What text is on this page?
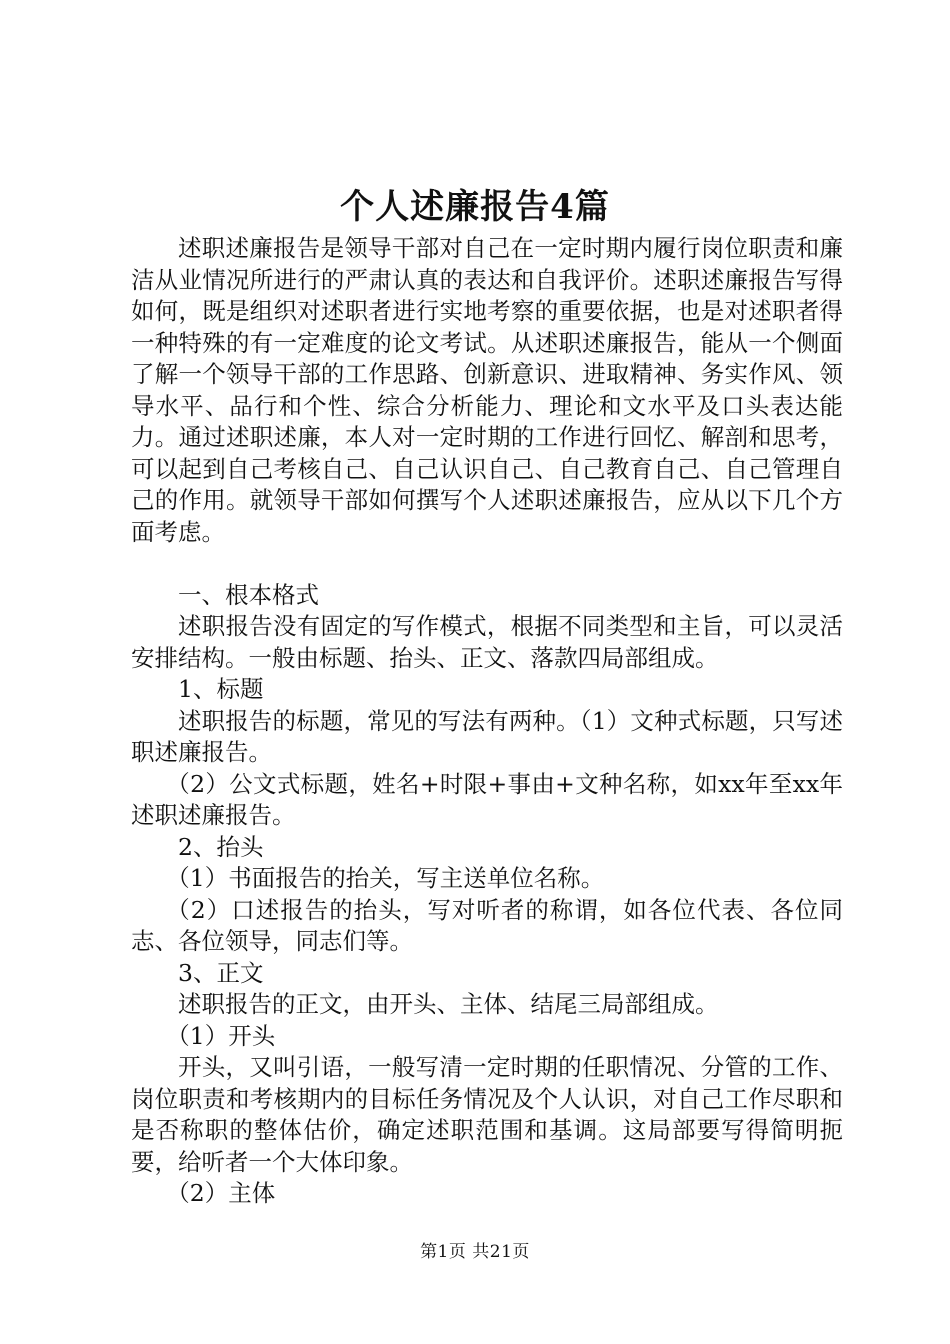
个人述廉报告4篇

述职述廉报告是领导干部对自己在一定时期内履行岗位职责和廉洁从业情况所进行的严肃认真的表达和自我评价。述职述廉报告写得如何，既是组织对述职者进行实地考察的重要依据，也是对述职者得一种特殊的有一定难度的论文考试。从述职述廉报告，能从一个侧面了解一个领导干部的工作思路、创新意识、进取精神、务实作风、领导水平、品行和个性、综合分析能力、理论和文水平及口头表达能力。通过述职述廉，本人对一定时期的工作进行回忆、解剖和思考，可以起到自己考核自己、自己认识自己、自己教育自己、自己管理自己的作用。就领导干部如何撰写个人述职述廉报告，应从以下几个方面考虑。

一、根本格式

述职报告没有固定的写作模式，根据不同类型和主旨，可以灵活安排结构。一般由标题、抬头、正文、落款四局部组成。

1、标题

述职报告的标题，常见的写法有两种。（1）文种式标题，只写述职述廉报告。

（2）公文式标题，姓名+时限+事由+文种名称，如xx年至xx年述职述廉报告。

2、抬头

（1）书面报告的抬关，写主送单位名称。

（2）口述报告的抬头，写对听者的称谓，如各位代表、各位同志、各位领导，同志们等。

3、正文

述职报告的正文，由开头、主体、结尾三局部组成。

（1）开头

开头，又叫引语，一般写清一定时期的任职情况、分管的工作、岗位职责和考核期内的目标任务情况及个人认识，对自己工作尽职和是否称职的整体估价，确定述职范围和基调。这局部要写得简明扼要，给听者一个大体印象。

（2）主体

第1页 共21页
